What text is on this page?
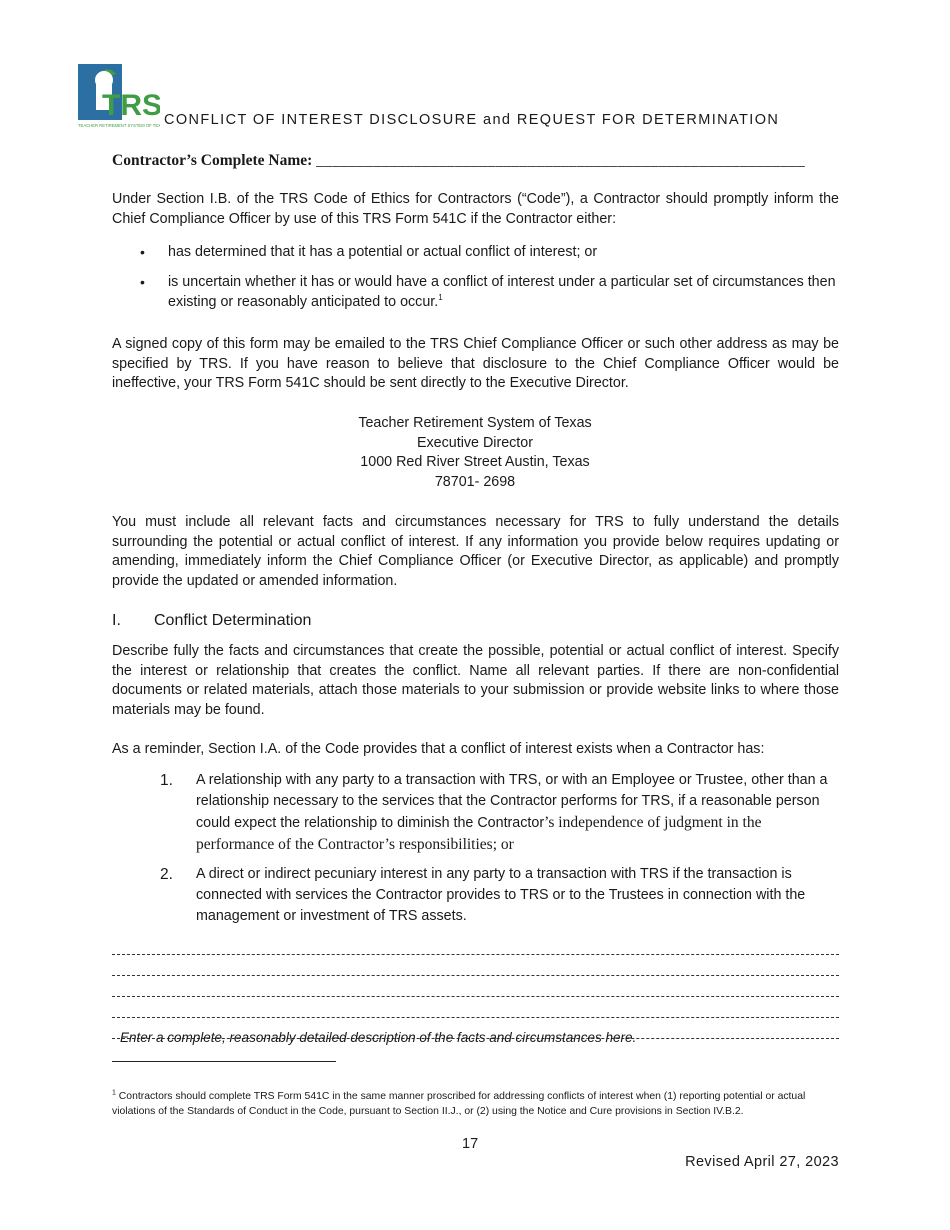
TRS
TEACHER RETIREMENT SYSTEM OF TEXAS
CONFLICT OF INTEREST DISCLOSURE and REQUEST FOR DETERMINATION
Contractor’s Complete Name: ____________________________________________________________
Under Section I.B. of the TRS Code of Ethics for Contractors (“Code”), a Contractor should promptly inform the Chief Compliance Officer by use of this TRS Form 541C if the Contractor either:
•	has determined that it has a potential or actual conflict of interest; or
•	is uncertain whether it has or would have a conflict of interest under a particular set of circumstances then existing or reasonably anticipated to occur.$^1$
A signed copy of this form may be emailed to the TRS Chief Compliance Officer or such other address as may be specified by TRS. If you have reason to believe that disclosure to the Chief Compliance Officer would be ineffective, your TRS Form 541C should be sent directly to the Executive Director.
Teacher Retirement System of Texas
Executive Director
1000 Red River Street Austin, Texas
78701- 2698
You must include all relevant facts and circumstances necessary for TRS to fully understand the details surrounding the potential or actual conflict of interest. If any information you provide below requires updating or amending, immediately inform the Chief Compliance Officer (or Executive Director, as applicable) and promptly provide the updated or amended information.
I.	Conflict Determination
Describe fully the facts and circumstances that create the possible, potential or actual conflict of interest. Specify the interest or relationship that creates the conflict. Name all relevant parties. If there are non-confidential documents or related materials, attach those materials to your submission or provide website links to where those materials may be found.
As a reminder, Section I.A. of the Code provides that a conflict of interest exists when a Contractor has:
1.	A relationship with any party to a transaction with TRS, or with an Employee or Trustee, other than a relationship necessary to the services that the Contractor performs for TRS, if a reasonable person could expect the relationship to diminish the Contractor’s independence of judgment in the performance of the Contractor’s responsibilities; or
2.	A direct or indirect pecuniary interest in any party to a transaction with TRS if the transaction is connected with services the Contractor provides to TRS or to the Trustees in connection with the management or investment of TRS assets.
Enter a complete, reasonably detailed description of the facts and circumstances here.
$^1$ Contractors should complete TRS Form 541C in the same manner proscribed for addressing conflicts of interest when (1) reporting potential or actual violations of the Standards of Conduct in the Code, pursuant to Section II.J., or (2) using the Notice and Cure provisions in Section IV.B.2.
17
Revised April 27, 2023
